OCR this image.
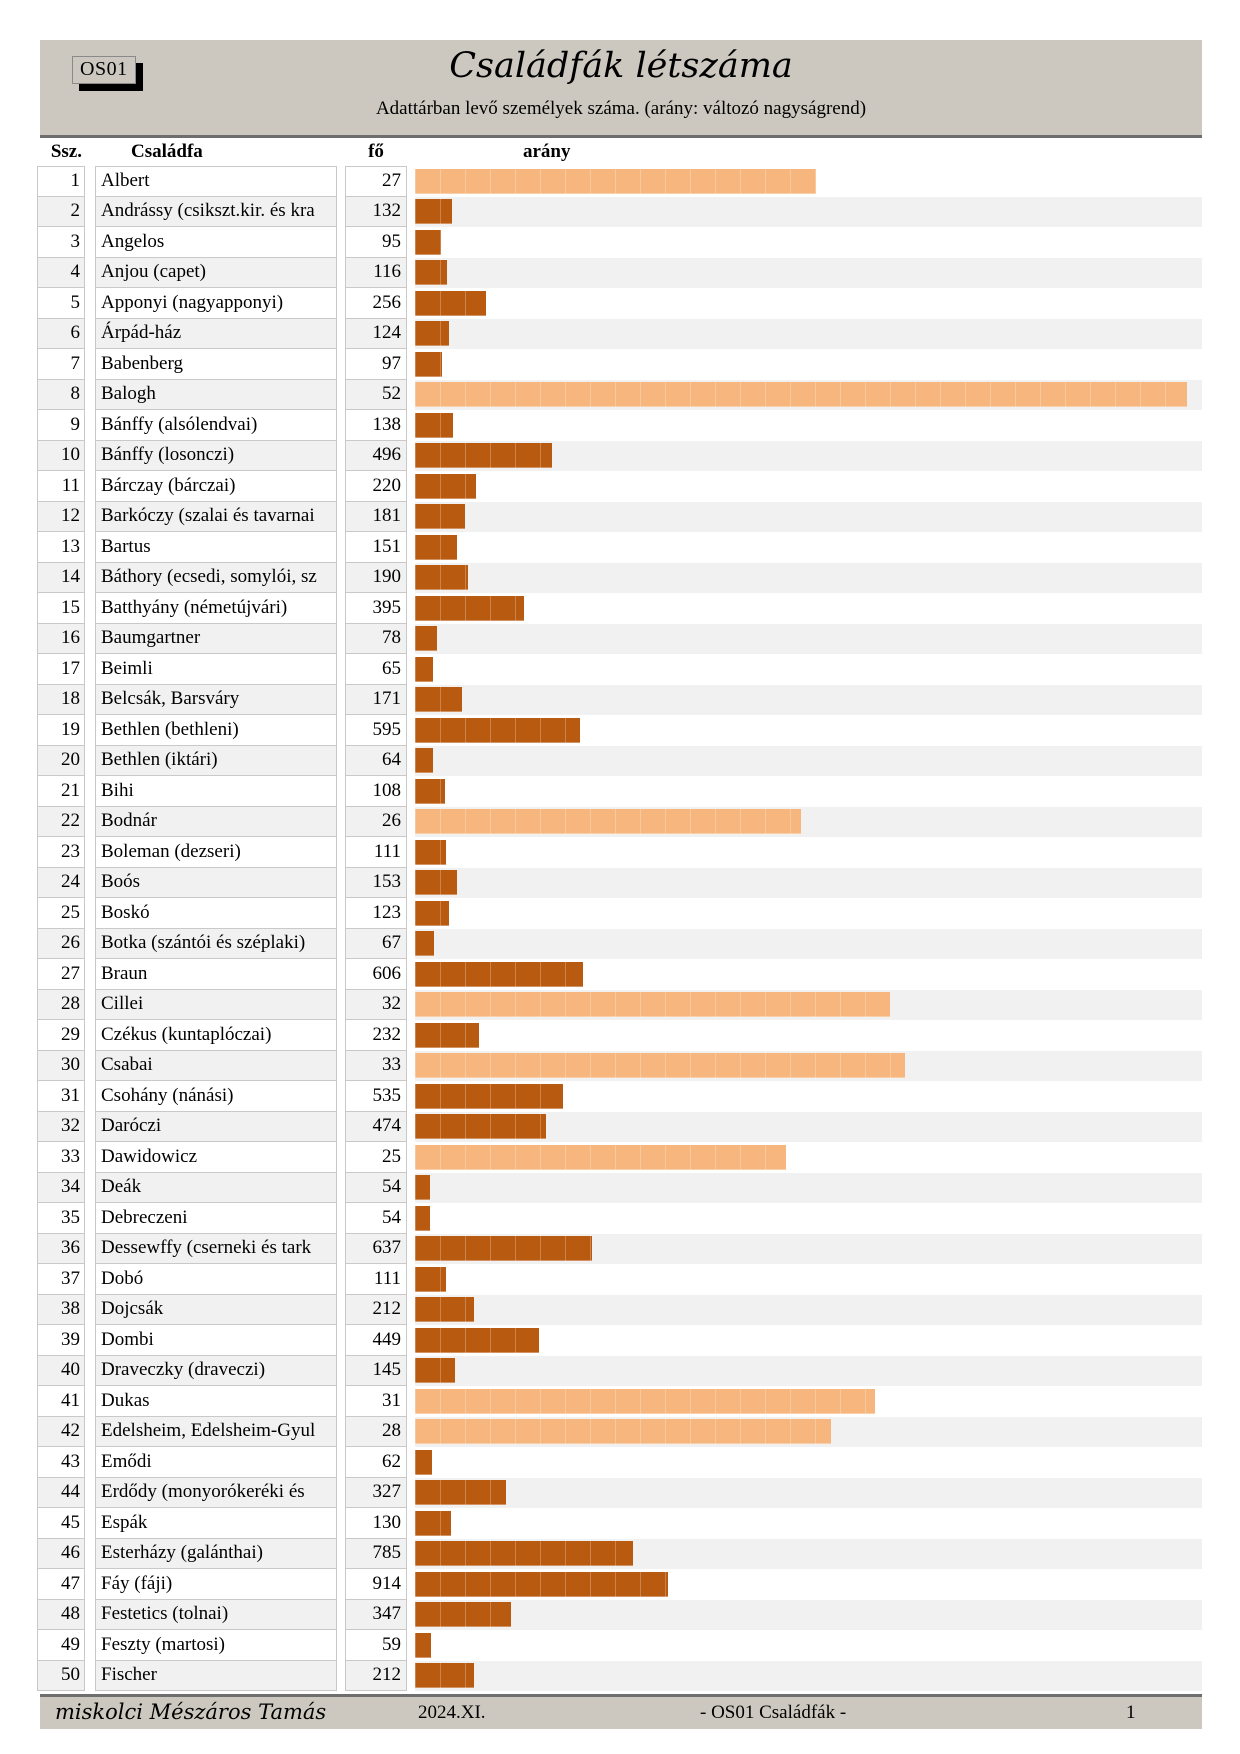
OS01	Családfák létszáma
Adattárban levő személyek száma. (arány: változó nagyságrend)
Ssz.	Családfa	fő	arány
1	Albert	27
2	Andrássy (csikszt.kir. és kra	132
3	Angelos	95
4	Anjou (capet)	116
5	Apponyi (nagyapponyi)	256
6	Árpád-ház	124
7	Babenberg	97
8	Balogh	52
9	Bánffy (alsólendvai)	138
10	Bánffy (losonczi)	496
11	Bárczay (bárczai)	220
12	Barkóczy (szalai és tavarnai	181
13	Bartus	151
14	Báthory (ecsedi, somylói, sz	190
15	Batthyány (németújvári)	395
16	Baumgartner	78
17	Beimli	65
18	Belcsák, Barsváry	171
19	Bethlen (bethleni)	595
20	Bethlen (iktári)	64
21	Bihi	108
22	Bodnár	26
23	Boleman (dezseri)	111
24	Boós	153
25	Boskó	123
26	Botka (szántói és széplaki)	67
27	Braun	606
28	Cillei	32
29	Czékus (kuntaplóczai)	232
30	Csabai	33
31	Csohány (nánási)	535
32	Daróczi	474
33	Dawidowicz	25
34	Deák	54
35	Debreczeni	54
36	Dessewffy (cserneki és tark	637
37	Dobó	111
38	Dojcsák	212
39	Dombi	449
40	Draveczky (draveczi)	145
41	Dukas	31
42	Edelsheim, Edelsheim-Gyul	28
43	Emődi	62
44	Erdődy (monyorókeréki és	327
45	Espák	130
46	Esterházy (galánthai)	785
47	Fáy (fáji)	914
48	Festetics (tolnai)	347
49	Feszty (martosi)	59
50	Fischer	212
miskolci Mészáros Tamás	2024.XI.	- OS01 Családfák -	1
